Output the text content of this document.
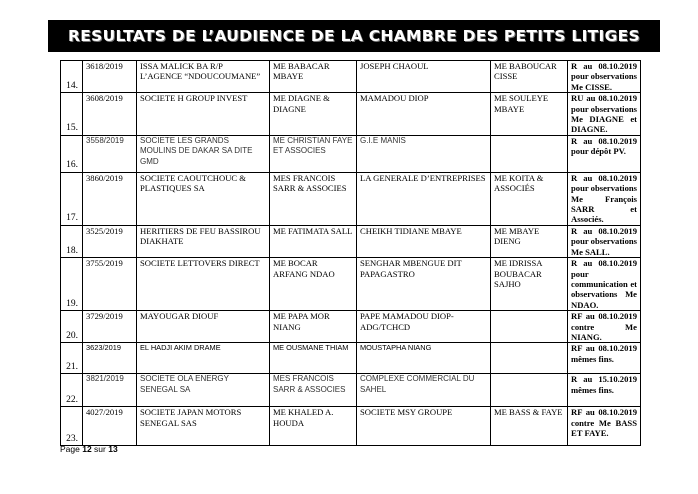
RESULTATS DE L’AUDIENCE DE LA CHAMBRE DES PETITS LITIGES
14.	3618/2019	ISSA MALICK BA R/P L’AGENCE “NDOUCOUMANE”	ME BABACAR MBAYE	JOSEPH CHAOUL	ME BABOUCAR CISSE	R au 08.10.2019 pour observations Me CISSE.
15.	3608/2019	SOCIETE H GROUP INVEST	ME DIAGNE & DIAGNE	MAMADOU DIOP	ME SOULEYE MBAYE	RU au 08.10.2019 pour observations Me DIAGNE et DIAGNE.
16.	3558/2019	SOCIETE LES GRANDS MOULINS DE DAKAR SA DITE GMD	ME CHRISTIAN FAYE ET ASSOCIES	G.I.E MANIS		R au 08.10.2019 pour dépôt PV.
17.	3860/2019	SOCIETE CAOUTCHOUC & PLASTIQUES SA	MES FRANCOIS SARR & ASSOCIES	LA GENERALE D’ENTREPRISES	ME KOITA & ASSOCIÉS	R au 08.10.2019 pour observations Me François SARR et Associés.
18.	3525/2019	HERITIERS DE FEU BASSIROU DIAKHATE	ME FATIMATA SALL	CHEIKH TIDIANE MBAYE	ME MBAYE DIENG	R au 08.10.2019 pour observations Me SALL.
19.	3755/2019	SOCIETE LETTOVERS DIRECT	ME BOCAR ARFANG NDAO	SENGHAR MBENGUE DIT PAPAGASTRO	ME IDRISSA BOUBACAR SAJHO	R au 08.10.2019 pour communication et observations Me NDAO.
20.	3729/2019	MAYOUGAR DIOUF	ME PAPA MOR NIANG	PAPE MAMADOU DIOP-ADG/TCHCD		RF au 08.10.2019 contre Me NIANG.
21.	3623/2019	EL HADJI AKIM DRAME	ME OUSMANE THIAM	MOUSTAPHA NIANG		RF au 08.10.2019 mêmes fins.
22.	3821/2019	SOCIETE OLA ENERGY SENEGAL SA	MES FRANCOIS SARR & ASSOCIES	COMPLEXE COMMERCIAL DU SAHEL		R au 15.10.2019 mêmes fins.
23.	4027/2019	SOCIETE JAPAN MOTORS SENEGAL SAS	ME KHALED A. HOUDA	SOCIETE MSY GROUPE	ME BASS & FAYE	RF au 08.10.2019 contre Me BASS ET FAYE.
Page 12 sur 13
